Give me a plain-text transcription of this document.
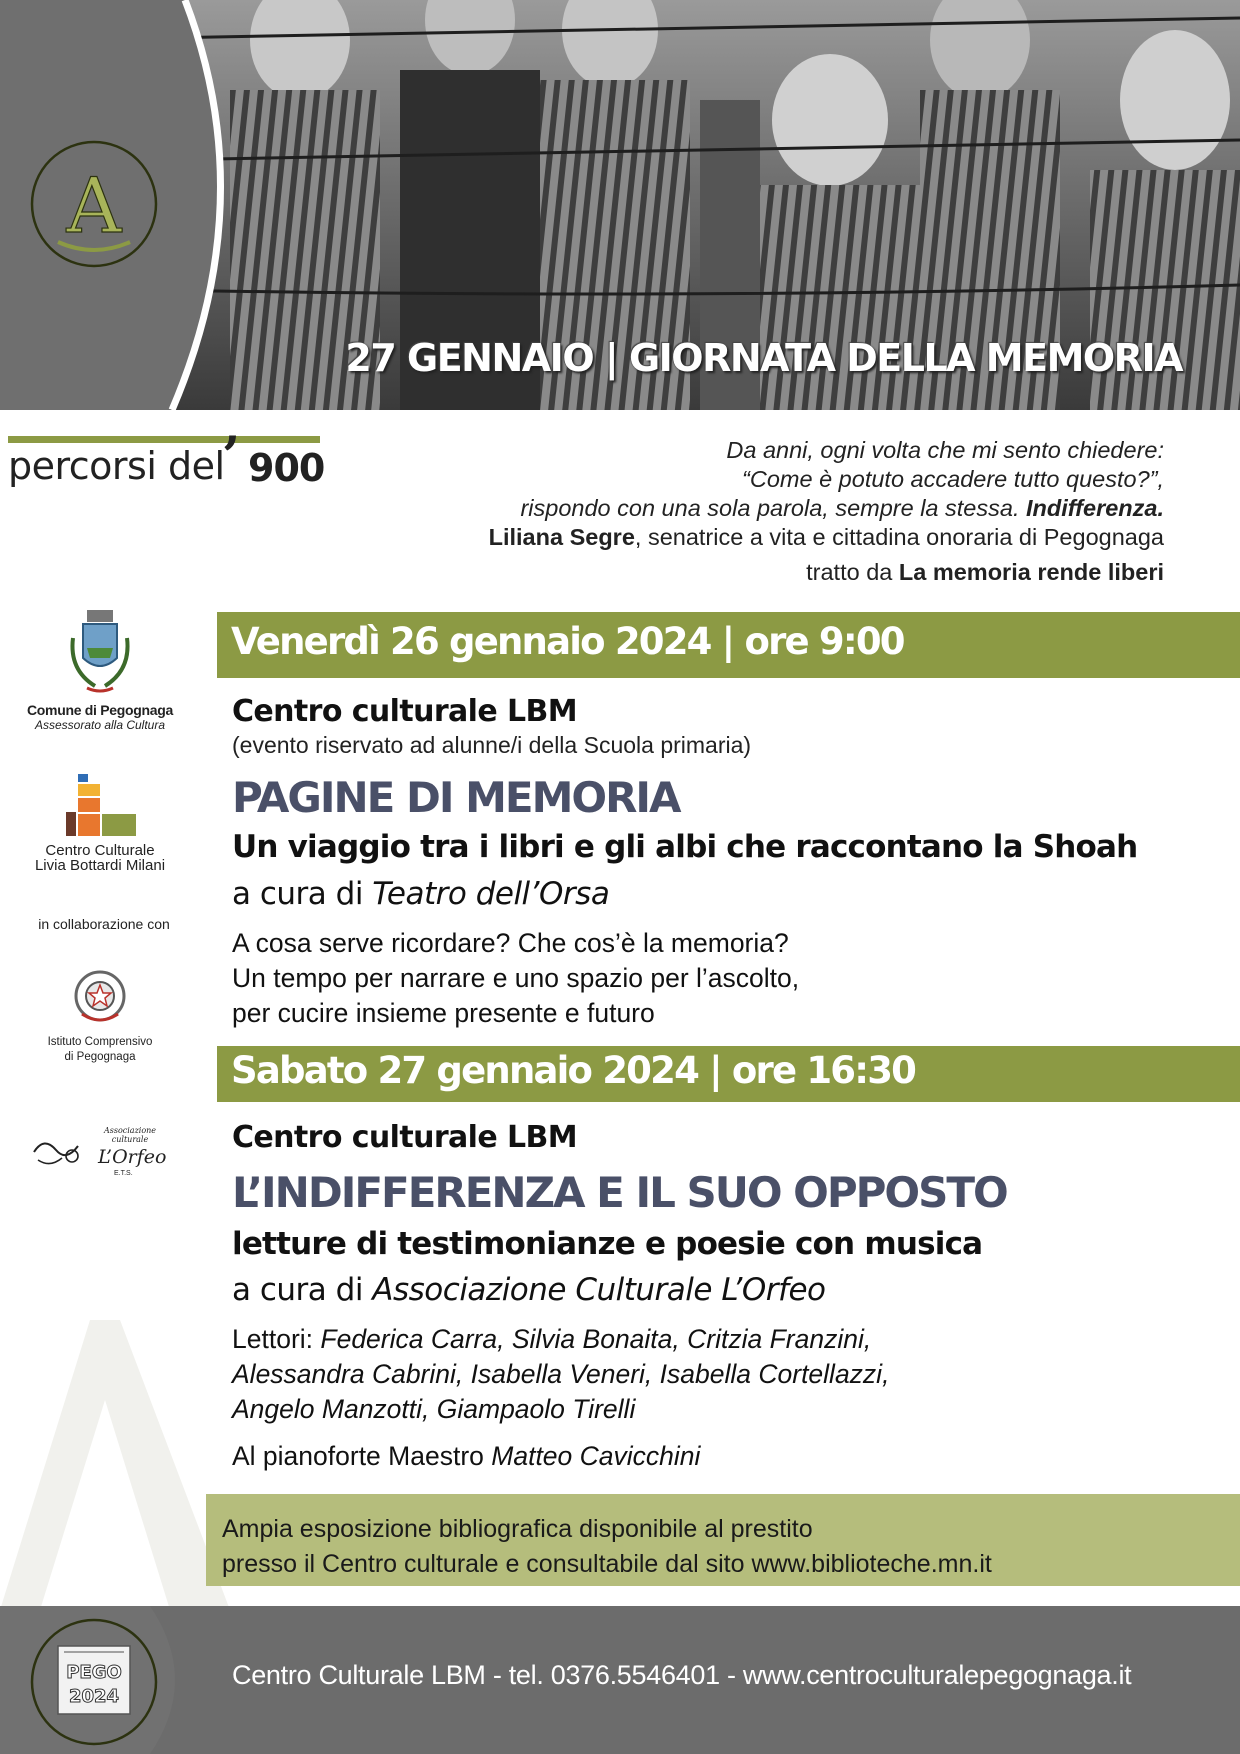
A
27 GENNAIO | GIORNATA DELLA MEMORIA
percorsi del
’ 900	Da anni, ogni volta che mi sento chiedere:
“Come è potuto accadere tutto questo?”,
rispondo con una sola parola, sempre la stessa. Indifferenza.
Liliana Segre, senatrice a vita e cittadina onoraria di Pegognaga
tratto da La memoria rende liberi
Comune di Pegognaga
Assessorato alla Cultura
Centro Culturale
Livia Bottardi Milani
in collaborazione con
Istituto Comprensivo
di Pegognaga
Associazione
culturale
L’Orfeo
E.T.S.
Venerdì 26 gennaio 2024 | ore 9:00
Centro culturale LBM
(evento riservato ad alunne/i della Scuola primaria)
PAGINE DI MEMORIA
Un viaggio tra i libri e gli albi che raccontano la Shoah
a cura di Teatro dell’Orsa
A cosa serve ricordare? Che cos’è la memoria?
Un tempo per narrare e uno spazio per l’ascolto,
per cucire insieme presente e futuro
Sabato 27 gennaio 2024 | ore 16:30
Centro culturale LBM
L’INDIFFERENZA E IL SUO OPPOSTO
letture di testimonianze e poesie con musica
a cura di Associazione Culturale L’Orfeo
Lettori: Federica Carra, Silvia Bonaita, Critzia Franzini,
Alessandra Cabrini, Isabella Veneri, Isabella Cortellazzi,
Angelo Manzotti, Giampaolo Tirelli
Al pianoforte Maestro Matteo Cavicchini
Ampia esposizione bibliografica disponibile al prestito
presso il Centro culturale e consultabile dal sito www.biblioteche.mn.it
PEGO
2024
Centro Culturale LBM - tel. 0376.5546401 - www.centroculturalepegognaga.it
